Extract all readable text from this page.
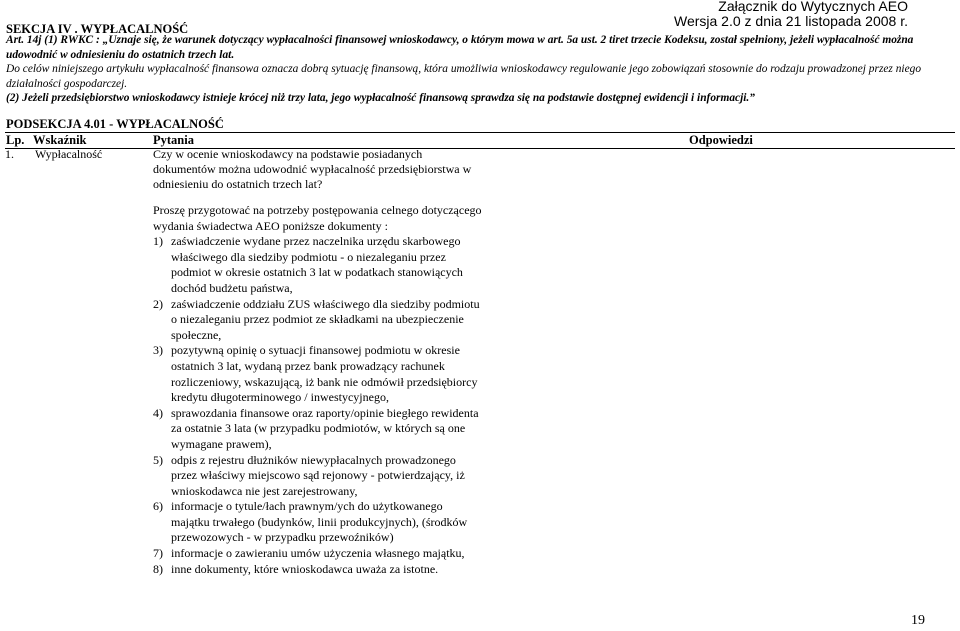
Załącznik do Wytycznych AEO
Wersja 2.0 z dnia 21 listopada 2008 r.
SEKCJA IV . WYPŁACALNOŚĆ

Art. 14j (1) RWKC : „Uznaje się, że warunek dotyczący wypłacalności finansowej wnioskodawcy, o którym mowa w art. 5a ust. 2 tiret trzecie Kodeksu, został spełniony, jeżeli wypłacalność można udowodnić w odniesieniu do ostatnich trzech lat.

Do celów niniejszego artykułu wypłacalność finansowa oznacza dobrą sytuację finansową, która umożliwia wnioskodawcy regulowanie jego zobowiązań stosownie do rodzaju prowadzonej przez niego działalności gospodarczej.

(2) Jeżeli przedsiębiorstwo wnioskodawcy istnieje krócej niż trzy lata, jego wypłacalność finansową sprawdza się na podstawie dostępnej ewidencji i informacji.”

PODSEKCJA 4.01 - WYPŁACALNOŚĆ
Lp. Wskaźnik	Pytania	Odpowiedzi
1. Wypłacalność	Czy w ocenie wnioskodawcy na podstawie posiadanych dokumentów można udowodnić wypłacalność przedsiębiorstwa w odniesieniu do ostatnich trzech lat?
Proszę przygotować na potrzeby postępowania celnego dotyczącego wydania świadectwa AEO poniższe dokumenty :
1) zaświadczenie wydane przez naczelnika urzędu skarbowego właściwego dla siedziby podmiotu - o niezaleganiu przez podmiot w okresie ostatnich 3 lat w podatkach stanowiących dochód budżetu państwa,
2) zaświadczenie oddziału ZUS właściwego dla siedziby podmiotu o niezaleganiu przez podmiot ze składkami na ubezpieczenie społeczne,
3) pozytywną opinię o sytuacji finansowej podmiotu w okresie ostatnich 3 lat, wydaną przez bank prowadzący rachunek rozliczeniowy, wskazującą, iż bank nie odmówił przedsiębiorcy kredytu długoterminowego / inwestycyjnego,
4) sprawozdania finansowe oraz raporty/opinie biegłego rewidenta za ostatnie 3 lata (w przypadku podmiotów, w których są one wymagane prawem),
5) odpis z rejestru dłużników niewypłacalnych prowadzonego przez właściwy miejscowo sąd rejonowy - potwierdzający, iż wnioskodawca nie jest zarejestrowany,
6) informacje o tytule/łach prawnym/ych do użytkowanego majątku trwałego (budynków, linii produkcyjnych), (środków przewozowych - w przypadku przewoźników)
7) informacje o zawieraniu umów użyczenia własnego majątku,
8) inne dokumenty, które wnioskodawca uważa za istotne.
19
